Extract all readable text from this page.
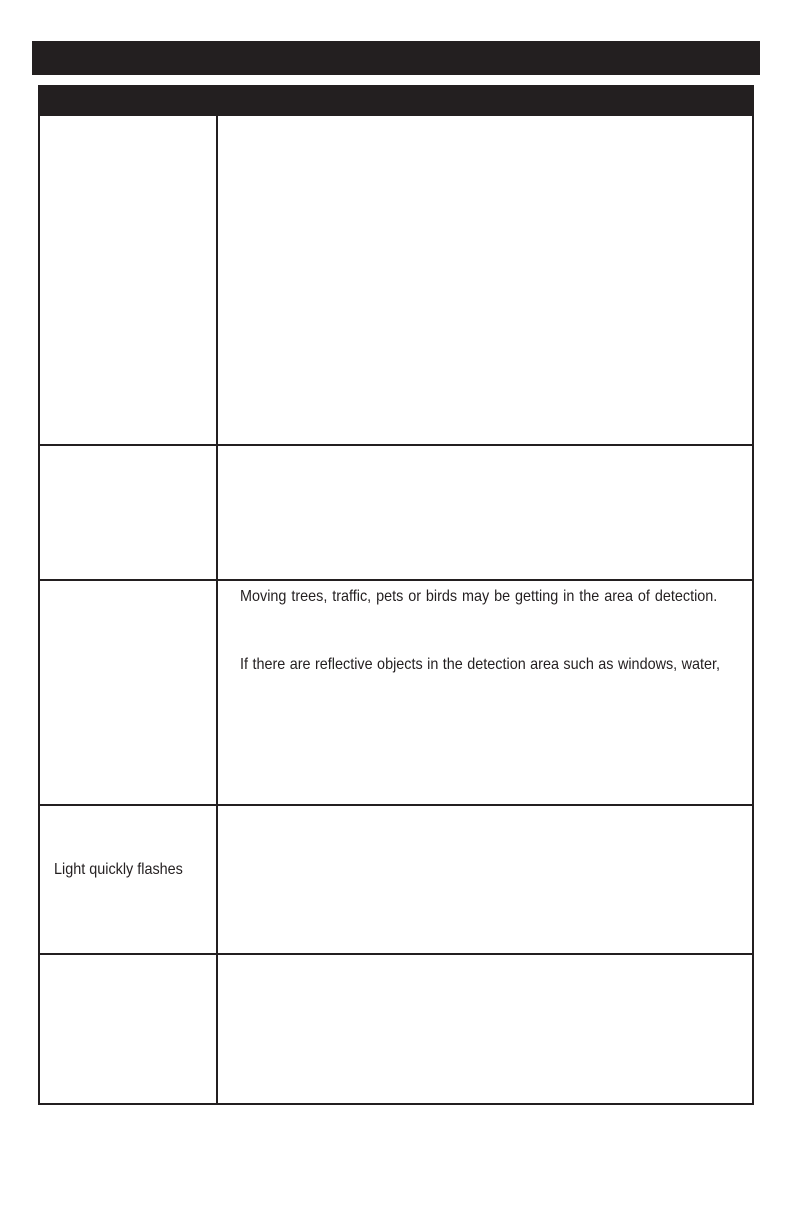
Moving trees, traffic, pets or birds may be getting in the area of detection.
If there are reflective objects in the detection area such as windows, water,
Light quickly flashes
